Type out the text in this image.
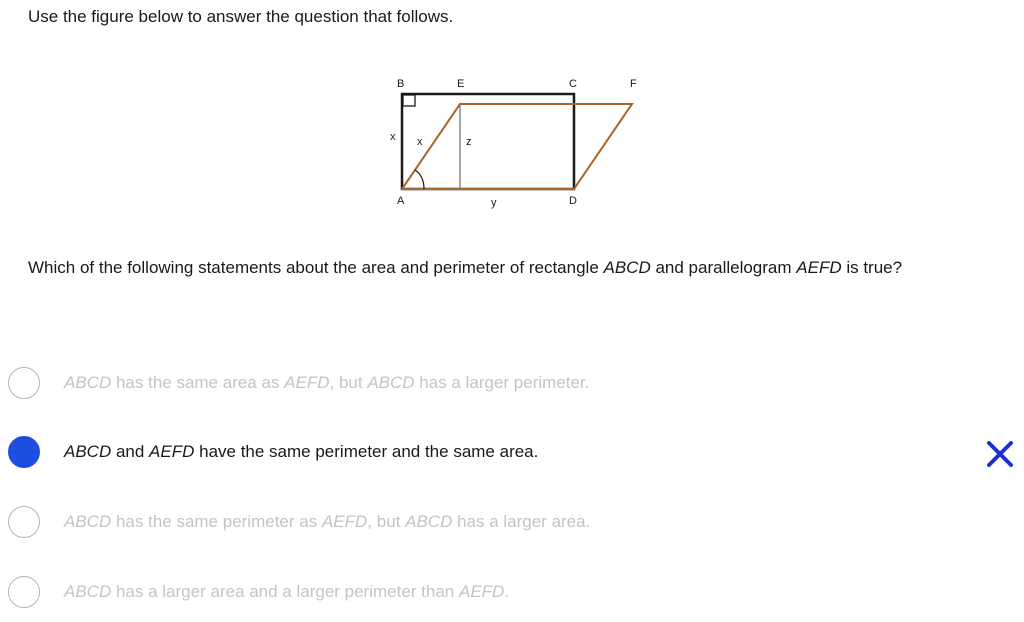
Use the figure below to answer the question that follows.
B	E	C	F
x x	z
A	y	D
Which of the following statements about the area and perimeter of rectangle ABCD and parallelogram AEFD is true?
ABCD has the same area as AEFD, but ABCD has a larger perimeter.
ABCD and AEFD have the same perimeter and the same area.
ABCD has the same perimeter as AEFD, but ABCD has a larger area.
ABCD has a larger area and a larger perimeter than AEFD.
